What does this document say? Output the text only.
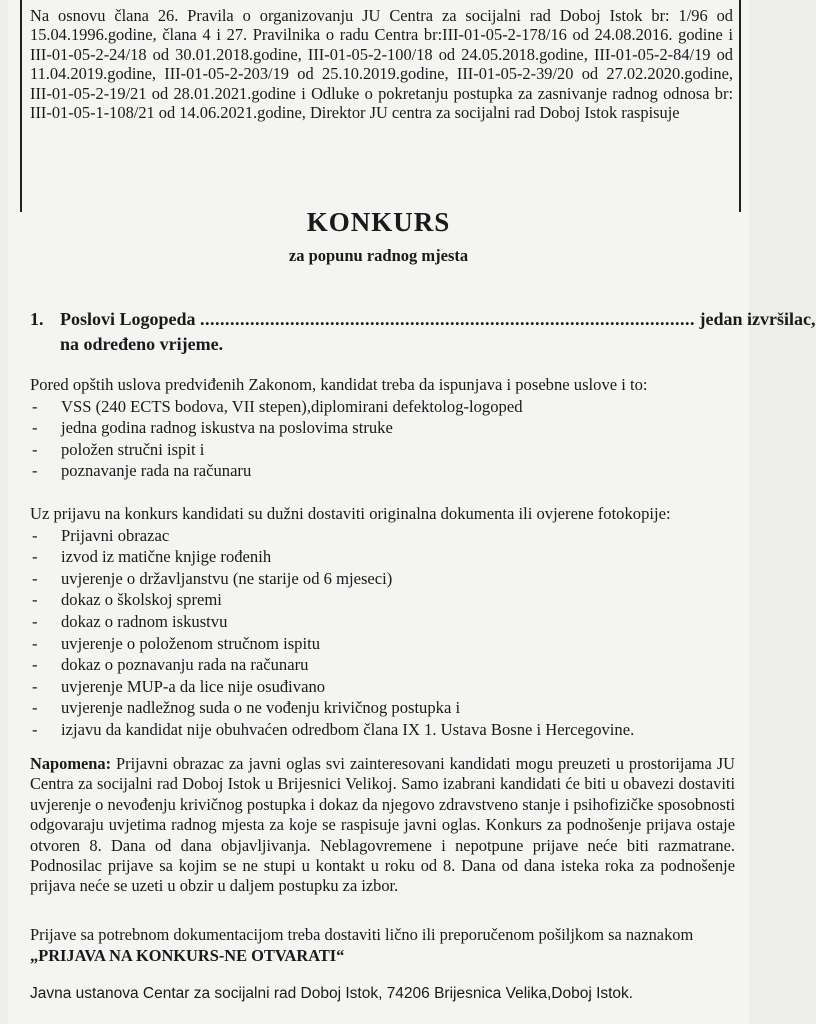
Na osnovu člana 26. Pravila o organizovanju JU Centra za socijalni rad Doboj Istok br: 1/96 od 15.04.1996.godine, člana 4 i 27. Pravilnika o radu Centra br:III-01-05-2-178/16 od 24.08.2016. godine i III-01-05-2-24/18 od 30.01.2018.godine, III-01-05-2-100/18 od 24.05.2018.godine, III-01-05-2-84/19 od 11.04.2019.godine, III-01-05-2-203/19 od 25.10.2019.godine, III-01-05-2-39/20 od 27.02.2020.godine, III-01-05-2-19/21 od 28.01.2021.godine i Odluke o pokretanju postupka za zasnivanje radnog odnosa br: III-01-05-1-108/21 od 14.06.2021.godine, Direktor JU centra za socijalni rad Doboj Istok raspisuje
KONKURS
za popunu radnog mjesta
1. Poslovi Logopeda ................................................................................................... jedan izvršilac,
na određeno vrijeme.

Pored opštih uslova predviđenih Zakonom, kandidat treba da ispunjava i posebne uslove i to:

- VSS (240 ECTS bodova, VII stepen),diplomirani defektolog-logoped
- jedna godina radnog iskustva na poslovima struke
- položen stručni ispit i
- poznavanje rada na računaru

Uz prijavu na konkurs kandidati su dužni dostaviti originalna dokumenta ili ovjerene fotokopije:

- Prijavni obrazac
- izvod iz matične knjige rođenih
- uvjerenje o državljanstvu (ne starije od 6 mjeseci)
- dokaz o školskoj spremi
- dokaz o radnom iskustvu
- uvjerenje o položenom stručnom ispitu
- dokaz o poznavanju rada na računaru
- uvjerenje MUP-a da lice nije osuđivano
- uvjerenje nadležnog suda o ne vođenju krivičnog postupka i
- izjavu da kandidat nije obuhvaćen odredbom člana IX 1. Ustava Bosne i Hercegovine.
Napomena: Prijavni obrazac za javni oglas svi zainteresovani kandidati mogu preuzeti u prostorijama JU Centra za socijalni rad Doboj Istok u Brijesnici Velikoj. Samo izabrani kandidati će biti u obavezi dostaviti uvjerenje o nevođenju krivičnog postupka i dokaz da njegovo zdravstveno stanje i psihofizičke sposobnosti odgovaraju uvjetima radnog mjesta za koje se raspisuje javni oglas. Konkurs za podnošenje prijava ostaje otvoren 8. Dana od dana objavljivanja. Neblagovremene i nepotpune prijave neće biti razmatrane. Podnosilac prijave sa kojim se ne stupi u kontakt u roku od 8. Dana od dana isteka roka za podnošenje prijava neće se uzeti u obzir u daljem postupku za izbor.
Prijave sa potrebnom dokumentacijom treba dostaviti lično ili preporučenom pošiljkom sa naznakom
„PRIJAVA NA KONKURS-NE OTVARATI“
Javna ustanova Centar za socijalni rad Doboj Istok, 74206 Brijesnica Velika,Doboj Istok.
